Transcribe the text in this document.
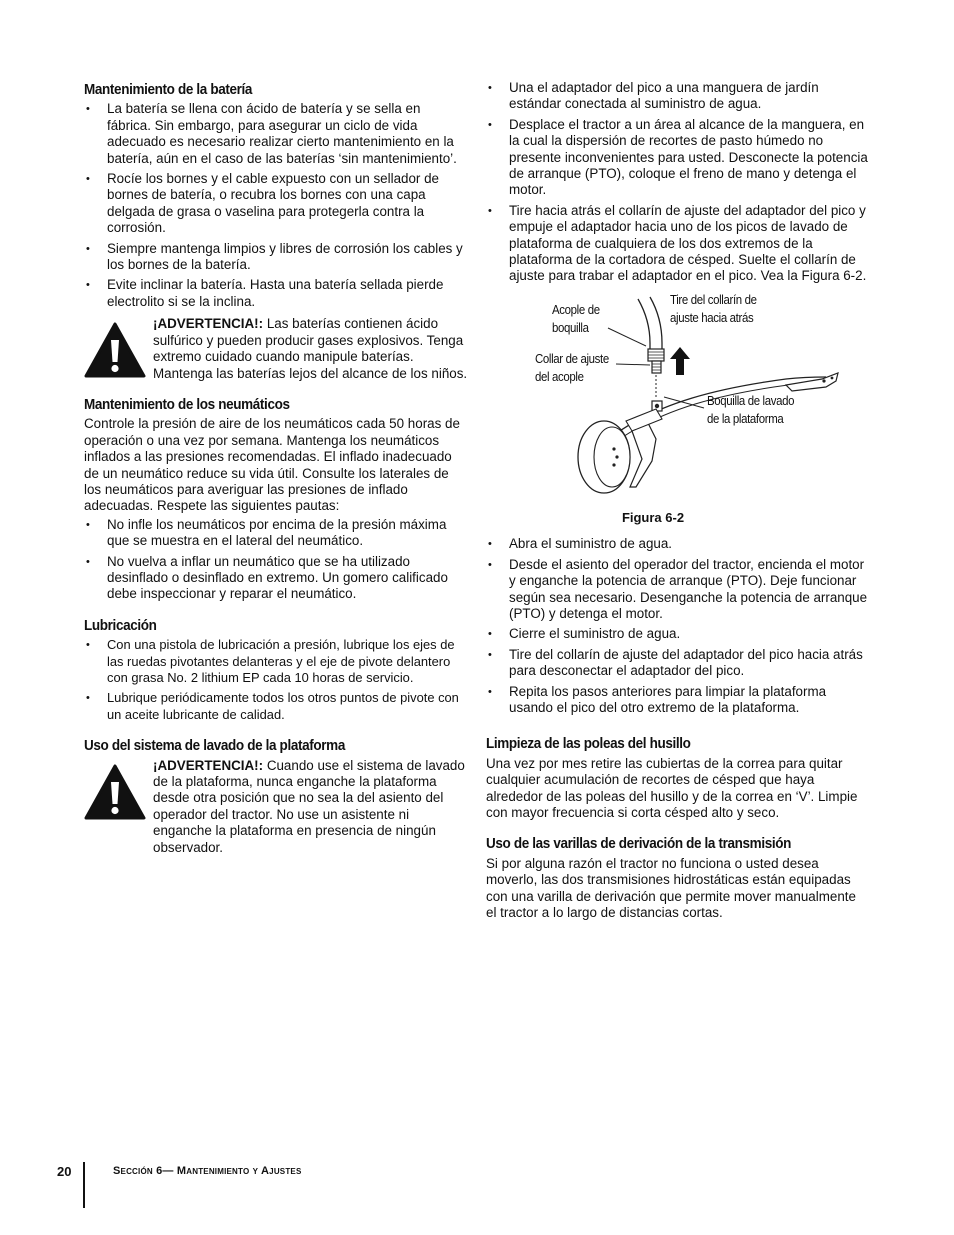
Mantenimiento de la batería
• La batería se llena con ácido de batería y se sella en fábrica. Sin embargo, para asegurar un ciclo de vida adecuado es necesario realizar cierto mantenimiento en la batería, aún en el caso de las baterías ‘sin mantenimiento’.
• Rocíe los bornes y el cable expuesto con un sellador de bornes de batería, o recubra los bornes con una capa delgada de grasa o vaselina para protegerla contra la corrosión.
• Siempre mantenga limpios y libres de corrosión los cables y los bornes de la batería.
• Evite inclinar la batería. Hasta una batería sellada pierde electrolito si se la inclina.
¡ADVERTENCIA!: Las baterías contienen ácido sulfúrico y pueden producir gases explosivos. Tenga extremo cuidado cuando manipule baterías. Mantenga las baterías lejos del alcance de los niños.
Mantenimiento de los neumáticos

Controle la presión de aire de los neumáticos cada 50 horas de operación o una vez por semana. Mantenga los neumáticos inflados a las presiones recomendadas. El inflado inadecuado de un neumático reduce su vida útil. Consulte los laterales de los neumáticos para averiguar las presiones de inflado adecuadas. Respete las siguientes pautas:

• No infle los neumáticos por encima de la presión máxima que se muestra en el lateral del neumático.
• No vuelva a inflar un neumático que se ha utilizado desinflado o desinflado en extremo. Un gomero calificado debe inspeccionar y reparar el neumático.
Lubricación
• Con una pistola de lubricación a presión, lubrique los ejes de las ruedas pivotantes delanteras y el eje de pivote delantero con grasa No. 2 lithium EP cada 10 horas de servicio.
• Lubrique periódicamente todos los otros puntos de pivote con un aceite lubricante de calidad.
Uso del sistema de lavado de la plataforma
¡ADVERTENCIA!: Cuando use el sistema de lavado de la plataforma, nunca enganche la plataforma desde otra posición que no sea la del asiento del operador del tractor. No use un asistente ni enganche la plataforma en presencia de ningún observador.
• Una el adaptador del pico a una manguera de jardín estándar conectada al suministro de agua.
• Desplace el tractor a un área al alcance de la manguera, en la cual la dispersión de recortes de pasto húmedo no presente inconvenientes para usted. Desconecte la potencia de arranque (PTO), coloque el freno de mano y detenga el motor.
• Tire hacia atrás el collarín de ajuste del adaptador del pico y empuje el adaptador hacia uno de los picos de lavado de plataforma de cualquiera de los dos extremos de la plataforma de la cortadora de césped. Suelte el collarín de ajuste para trabar el adaptador en el pico. Vea la Figura 6-2.
Acople de
boquilla
Tire del collarín de
ajuste hacia atrás
Collar de ajuste
del acople
Boquilla de lavado
de la plataforma
Figura 6-2
• Abra el suministro de agua.
• Desde el asiento del operador del tractor, encienda el motor y enganche la potencia de arranque (PTO). Deje funcionar según sea necesario. Desenganche la potencia de arranque (PTO) y detenga el motor.
• Cierre el suministro de agua.
• Tire del collarín de ajuste del adaptador del pico hacia atrás para desconectar el adaptador del pico.
• Repita los pasos anteriores para limpiar la plataforma usando el pico del otro extremo de la plataforma.
Limpieza de las poleas del husillo

Una vez por mes retire las cubiertas de la correa para quitar cualquier acumulación de recortes de césped que haya alrededor de las poleas del husillo y de la correa en ‘V’. Limpie con mayor frecuencia si corta césped alto y seco.

Uso de las varillas de derivación de la transmisión

Si por alguna razón el tractor no funciona o usted desea moverlo, las dos transmisiones hidrostáticas están equipadas con una varilla de derivación que permite mover manualmente el tractor a lo largo de distancias cortas.

20	Sección 6— Mantenimiento y Ajustes
